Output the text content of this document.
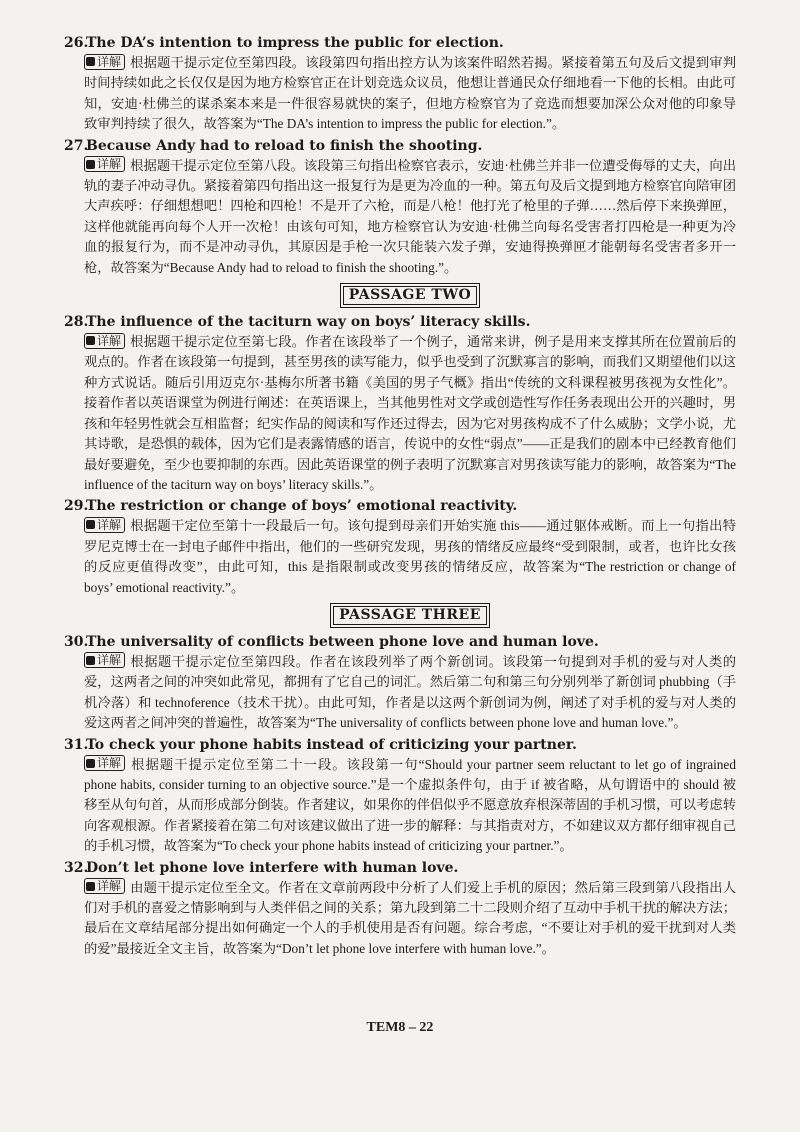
26.
The DA’s intention to impress the public for election.
详解 根据题干提示定位至第四段。该段第四句指出控方认为该案件昭然若揭。紧接着第五句及后文提到审判时间持续如此之长仅仅是因为地方检察官正在计划竞选众议员，他想让普通民众仔细地看一下他的长相。由此可知，安迪·杜佛兰的谋杀案本来是一件很容易就快的案子，但地方检察官为了竞选而想要加深公众对他的印象导致审判持续了很久，故答案为“The DA’s intention to impress the public for election.”。
27.
Because Andy had to reload to finish the shooting.
详解 根据题干提示定位至第八段。该段第三句指出检察官表示，安迪·杜佛兰并非一位遭受侮辱的丈夫，向出轨的妻子冲动寻仇。紧接着第四句指出这一报复行为是更为冷血的一种。第五句及后文提到地方检察官向陪审团大声疾呼：仔细想想吧！四枪和四枪！不是开了六枪，而是八枪！他打光了枪里的子弹……然后停下来换弹匣，这样他就能再向每个人开一次枪！由该句可知，地方检察官认为安迪·杜佛兰向每名受害者打四枪是一种更为冷血的报复行为，而不是冲动寻仇，其原因是手枪一次只能装六发子弹，安迪得换弹匣才能朝每名受害者多开一枪，故答案为“Because Andy had to reload to finish the shooting.”。
PASSAGE TWO
28.
The influence of the taciturn way on boys’ literacy skills.
详解 根据题干提示定位至第七段。作者在该段举了一个例子，通常来讲，例子是用来支撑其所在位置前后的观点的。作者在该段第一句提到，甚至男孩的读写能力，似乎也受到了沉默寡言的影响，而我们又期望他们以这种方式说话。随后引用迈克尔·基梅尔所著书籍《美国的男子气概》指出“传统的文科课程被男孩视为女性化”。接着作者以英语课堂为例进行阐述：在英语课上，当其他男性对文学或创造性写作任务表现出公开的兴趣时，男孩和年轻男性就会互相监督；纪实作品的阅读和写作还过得去，因为它对男孩构成不了什么威胁；文学小说，尤其诗歌，是恐惧的载体，因为它们是表露情感的语言，传说中的女性“弱点”——正是我们的剧本中已经教育他们最好要避免，至少也要抑制的东西。因此英语课堂的例子表明了沉默寡言对男孩读写能力的影响，故答案为“The influence of the taciturn way on boys’ literacy skills.”。
29.
The restriction or change of boys’ emotional reactivity.
详解 根据题干定位至第十一段最后一句。该句提到母亲们开始实施 this——通过躯体戒断。而上一句指出特罗尼克博士在一封电子邮件中指出，他们的一些研究发现，男孩的情绪反应最终“受到限制，或者，也许比女孩的反应更值得改变”，由此可知，this 是指限制或改变男孩的情绪反应，故答案为“The restriction or change of boys’ emotional reactivity.”。
PASSAGE THREE
30.
The universality of conflicts between phone love and human love.
详解 根据题干提示定位至第四段。作者在该段列举了两个新创词。该段第一句提到对手机的爱与对人类的爱，这两者之间的冲突如此常见，都拥有了它自己的词汇。然后第二句和第三句分别列举了新创词 phubbing（手机冷落）和 technoference（技术干扰）。由此可知，作者是以这两个新创词为例，阐述了对手机的爱与对人类的爱这两者之间冲突的普遍性，故答案为“The universality of conflicts between phone love and human love.”。
31.
To check your phone habits instead of criticizing your partner.
详解 根据题干提示定位至第二十一段。该段第一句“Should your partner seem reluctant to let go of ingrained phone habits, consider turning to an objective source.”是一个虚拟条件句，由于 if 被省略，从句谓语中的 should 被移至从句句首，从而形成部分倒装。作者建议，如果你的伴侣似乎不愿意放弃根深蒂固的手机习惯，可以考虑转向客观根源。作者紧接着在第二句对该建议做出了进一步的解释：与其指责对方，不如建议双方都仔细审视自己的手机习惯，故答案为“To check your phone habits instead of criticizing your partner.”。
32.
Don’t let phone love interfere with human love.
详解 由题干提示定位至全文。作者在文章前两段中分析了人们爱上手机的原因；然后第三段到第八段指出人们对手机的喜爱之情影响到与人类伴侣之间的关系；第九段到第二十二段则介绍了互动中手机干扰的解决方法；最后在文章结尾部分提出如何确定一个人的手机使用是否有问题。综合考虑，“不要让对手机的爱干扰到对人类的爱”最接近全文主旨，故答案为“Don’t let phone love interfere with human love.”。
TEM8 – 22
